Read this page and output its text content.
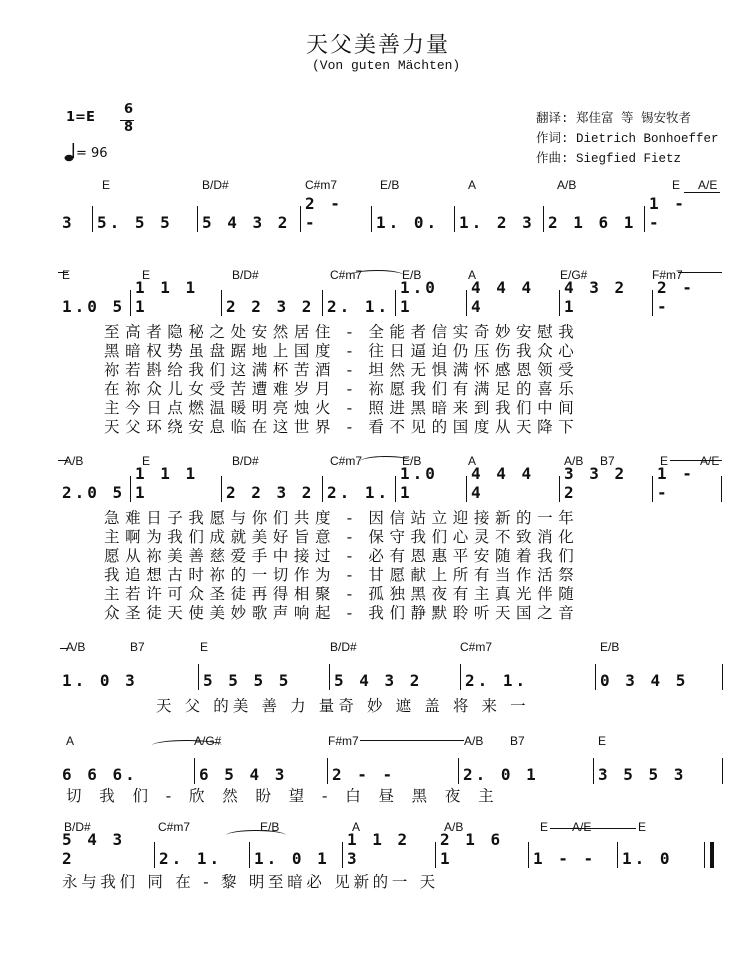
天父美善力量
(Von guten Mächten)
1=E
6
8
= 96
翻译: 郑佳富 等 锡安牧者
作词: Dietrich Bonhoeffer
作曲: Siegfied Fietz
E	B/D#	C#m7	E/B	A	A/B	E A/E
3	5. 5 5	5 4 3 2
2 - -	1. 0.	1. 2 3 2 1 6 1
1 - -
E	E	B/D#	C#m7	E/B	A	E/G#	F#m7
1.0 5
1 1 1 1	2 2 3 2 2. 1.
1.0 1
4 4 4 4
4 3 2 1
2 - -
至高者隐秘之处安然居住 - 全能者信实奇妙安慰我
黑暗权势虽盘踞地上国度 - 往日逼迫仍压伤我众心
祢若斟给我们这满杯苦酒 - 坦然无惧满怀感恩领受
在祢众儿女受苦遭难岁月 - 祢愿我们有满足的喜乐
主今日点燃温暖明亮烛火 - 照进黑暗来到我们中间
天父环绕安息临在这世界 - 看不见的国度从天降下
A/B	E	B/D#	C#m7	E/B	A	A/B B7	E	A/E
2.0 5
1 1 1 1	2 2 3 2 2. 1.
1.0 1
4 4 4 4
3 3 2 2
1 - -
急难日子我愿与你们共度 - 因信站立迎接新的一年
主啊为我们成就美好旨意 - 保守我们心灵不致消化
愿从祢美善慈爱手中接过 - 必有恩惠平安随着我们
我追想古时祢的一切作为 - 甘愿献上所有当作活祭
主若许可众圣徒再得相聚 - 孤独黑夜有主真光伴随
众圣徒天使美妙歌声响起 - 我们静默聆听天国之音
A/B	B7	E	B/D#	C#m7	E/B
1. 0 3	5 5 5 5	5 4 3 2	2. 1.	0 3 4 5
天 父 的美 善 力 量奇 妙 遮 盖 将 来 一
A	A/G#	F#m7	A/B B7	E
6 6 6.	6 5 4 3	2 - -	2. 0 1	3 5 5 3
切 我 们 - 欣 然 盼 望 - 白 昼 黑 夜 主
B/D#	C#m7	E/B	A	A/B	E A/E	E
5 4 3 2	2. 1.	1. 0 1
1 1 2 3
2 1 6 1	1 - -	1. 0
永与我们 同 在 - 黎 明至暗必 见新的一 天
